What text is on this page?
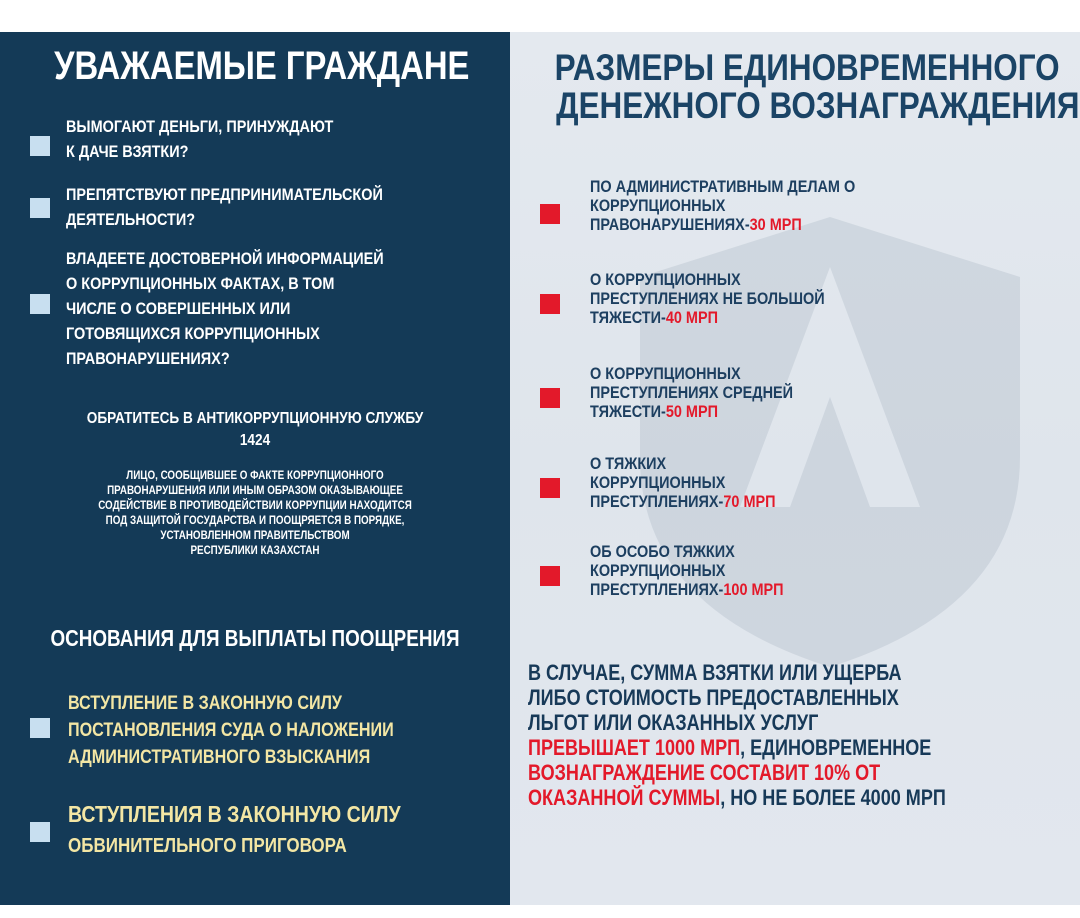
УВАЖАЕМЫЕ ГРАЖДАНЕ
ВЫМОГАЮТ ДЕНЬГИ, ПРИНУЖДАЮТ
К ДАЧЕ ВЗЯТКИ?
ПРЕПЯТСТВУЮТ ПРЕДПРИНИМАТЕЛЬСКОЙ
ДЕЯТЕЛЬНОСТИ?
ВЛАДЕЕТЕ ДОСТОВЕРНОЙ ИНФОРМАЦИЕЙ
О КОРРУПЦИОННЫХ ФАКТАХ, В ТОМ
ЧИСЛЕ О СОВЕРШЕННЫХ ИЛИ
ГОТОВЯЩИХСЯ КОРРУПЦИОННЫХ
ПРАВОНАРУШЕНИЯХ?
ОБРАТИТЕСЬ В АНТИКОРРУПЦИОННУЮ СЛУЖБУ
1424
ЛИЦО, СООБЩИВШЕЕ О ФАКТЕ КОРРУПЦИОННОГО
ПРАВОНАРУШЕНИЯ ИЛИ ИНЫМ ОБРАЗОМ ОКАЗЫВАЮЩЕЕ
СОДЕЙСТВИЕ В ПРОТИВОДЕЙСТВИИ КОРРУПЦИИ НАХОДИТСЯ
ПОД ЗАЩИТОЙ ГОСУДАРСТВА И ПООЩРЯЕТСЯ В ПОРЯДКЕ,
УСТАНОВЛЕННОМ ПРАВИТЕЛЬСТВОМ
РЕСПУБЛИКИ КАЗАХСТАН
ОСНОВАНИЯ ДЛЯ ВЫПЛАТЫ ПООЩРЕНИЯ
ВСТУПЛЕНИЕ В ЗАКОННУЮ СИЛУ
ПОСТАНОВЛЕНИЯ СУДА О НАЛОЖЕНИИ
АДМИНИСТРАТИВНОГО ВЗЫСКАНИЯ
ВСТУПЛЕНИЯ В ЗАКОННУЮ СИЛУ
ОБВИНИТЕЛЬНОГО ПРИГОВОРА
РАЗМЕРЫ ЕДИНОВРЕМЕННОГО
ДЕНЕЖНОГО ВОЗНАГРАЖДЕНИЯ
ПО АДМИНИСТРАТИВНЫМ ДЕЛАМ О
КОРРУПЦИОННЫХ
ПРАВОНАРУШЕНИЯХ-30 МРП
О КОРРУПЦИОННЫХ
ПРЕСТУПЛЕНИЯХ НЕ БОЛЬШОЙ
ТЯЖЕСТИ-40 МРП
О КОРРУПЦИОННЫХ
ПРЕСТУПЛЕНИЯХ СРЕДНЕЙ
ТЯЖЕСТИ-50 МРП
О ТЯЖКИХ
КОРРУПЦИОННЫХ
ПРЕСТУПЛЕНИЯХ-70 МРП
ОБ ОСОБО ТЯЖКИХ
КОРРУПЦИОННЫХ
ПРЕСТУПЛЕНИЯХ-100 МРП
В СЛУЧАЕ, СУММА ВЗЯТКИ ИЛИ УЩЕРБА
ЛИБО СТОИМОСТЬ ПРЕДОСТАВЛЕННЫХ
ЛЬГОТ ИЛИ ОКАЗАННЫХ УСЛУГ
ПРЕВЫШАЕТ 1000 МРП, ЕДИНОВРЕМЕННОЕ
ВОЗНАГРАЖДЕНИЕ СОСТАВИТ 10% ОТ
ОКАЗАННОЙ СУММЫ, НО НЕ БОЛЕЕ 4000 МРП
